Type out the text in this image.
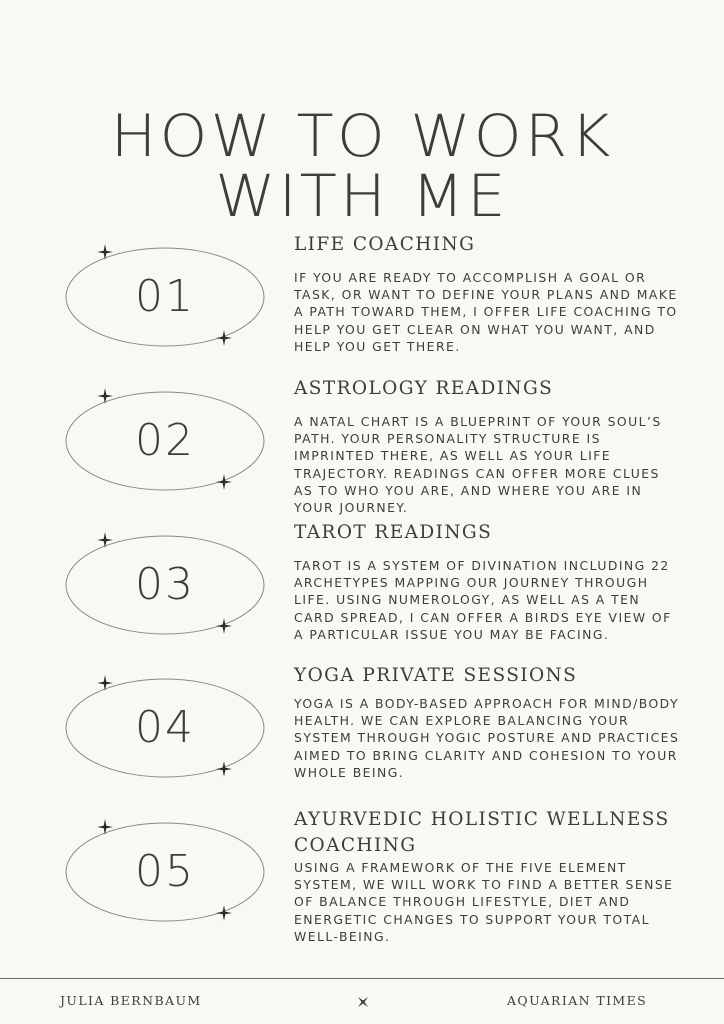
HOW TO WORK
WITH ME
01
LIFE COACHING
IF YOU ARE READY TO ACCOMPLISH A GOAL OR TASK, OR WANT TO DEFINE YOUR PLANS AND MAKE A PATH TOWARD THEM, I OFFER LIFE COACHING TO HELP YOU GET CLEAR ON WHAT YOU WANT, AND HELP YOU GET THERE.
02
ASTROLOGY READINGS
A NATAL CHART IS A BLUEPRINT OF YOUR SOUL’S PATH. YOUR PERSONALITY STRUCTURE IS IMPRINTED THERE, AS WELL AS YOUR LIFE TRAJECTORY. READINGS CAN OFFER MORE CLUES AS TO WHO YOU ARE, AND WHERE YOU ARE IN YOUR JOURNEY.
03
TAROT READINGS
TAROT IS A SYSTEM OF DIVINATION INCLUDING 22 ARCHETYPES MAPPING OUR JOURNEY THROUGH LIFE. USING NUMEROLOGY, AS WELL AS A TEN CARD SPREAD, I CAN OFFER A BIRDS EYE VIEW OF A PARTICULAR ISSUE YOU MAY BE FACING.
04
YOGA PRIVATE SESSIONS
YOGA IS A BODY-BASED APPROACH FOR MIND/BODY HEALTH. WE CAN EXPLORE BALANCING YOUR SYSTEM THROUGH YOGIC POSTURE AND PRACTICES AIMED TO BRING CLARITY AND COHESION TO YOUR WHOLE BEING.
05
AYURVEDIC HOLISTIC WELLNESS COACHING
USING A FRAMEWORK OF THE FIVE ELEMENT SYSTEM, WE WILL WORK TO FIND A BETTER SENSE OF BALANCE THROUGH LIFESTYLE, DIET AND ENERGETIC CHANGES TO SUPPORT YOUR TOTAL WELL-BEING.
JULIA BERNBAUM	AQUARIAN TIMES
